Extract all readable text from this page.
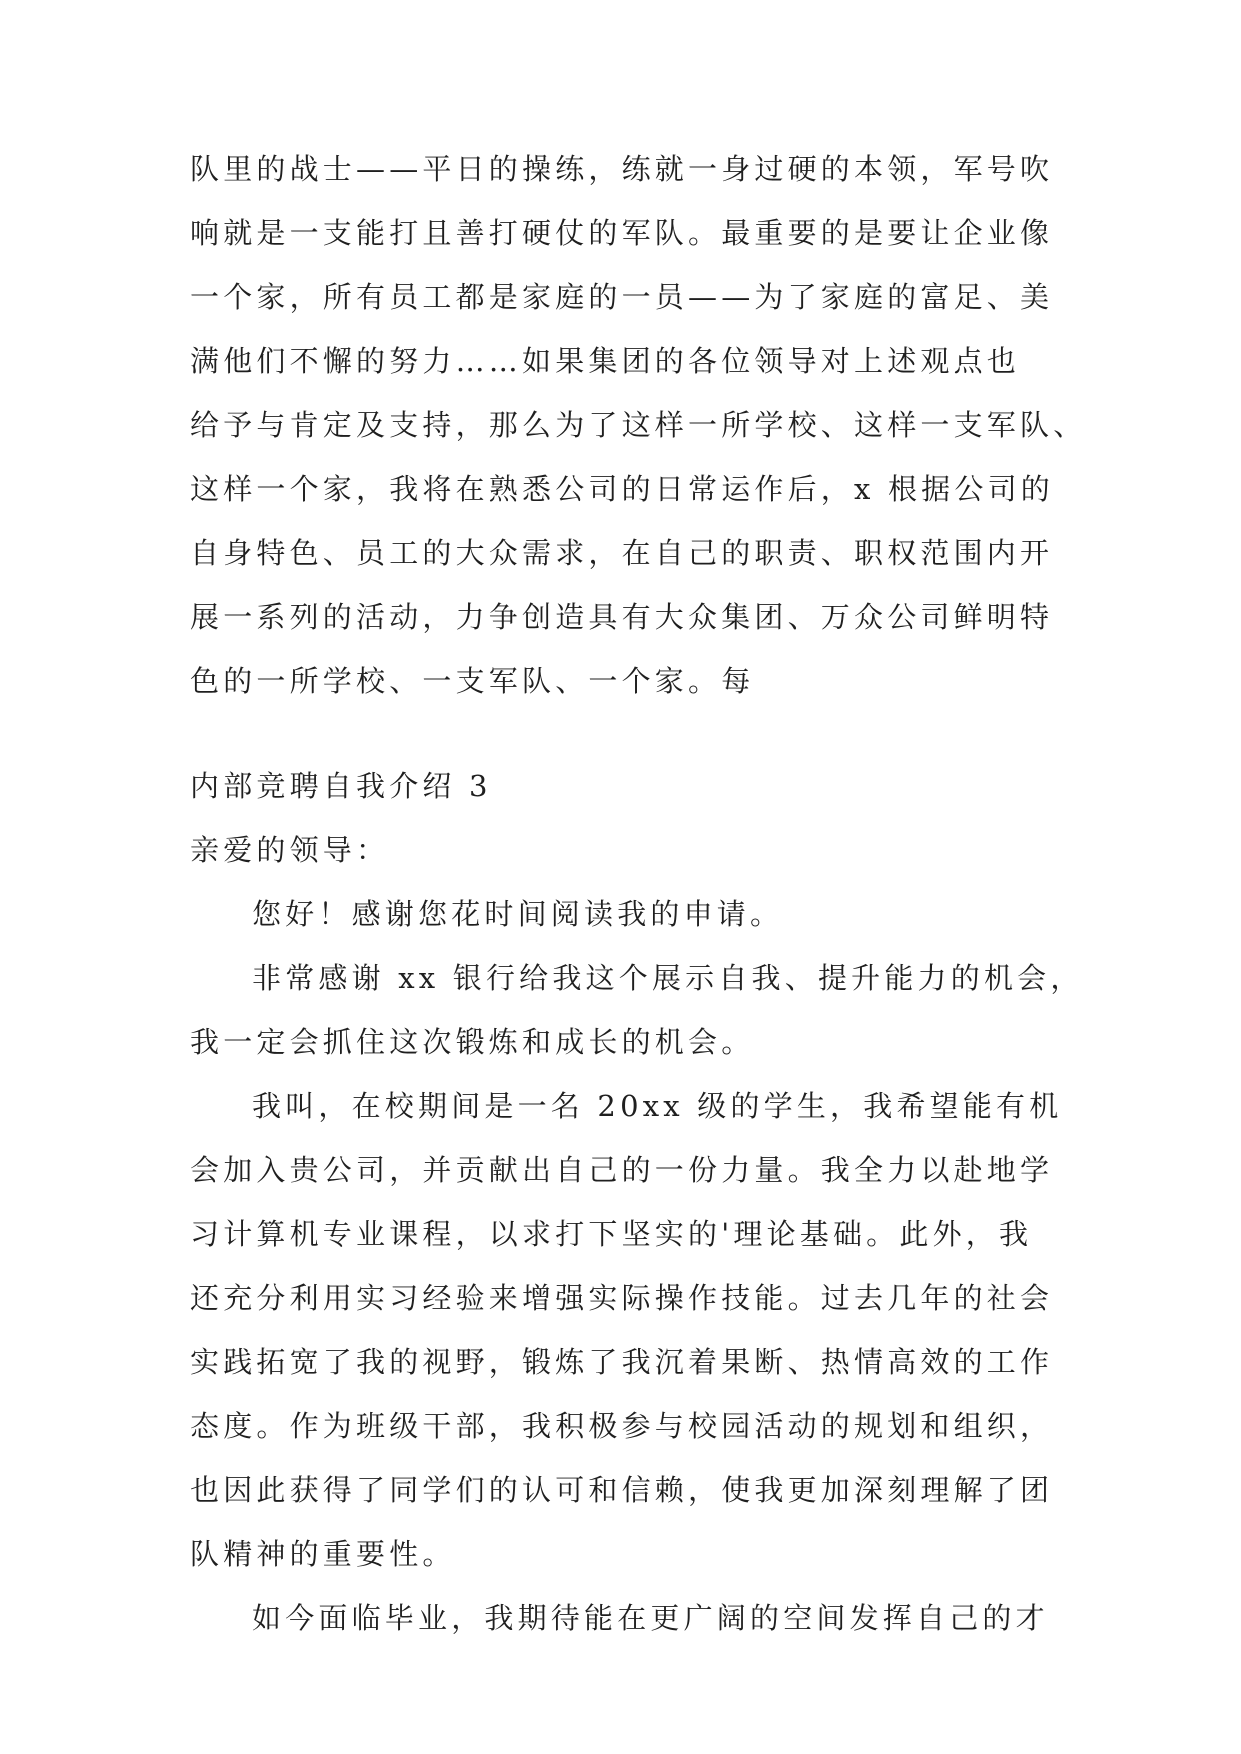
队里的战士——平日的操练，练就一身过硬的本领，军号吹
响就是一支能打且善打硬仗的军队。最重要的是要让企业像
一个家，所有员工都是家庭的一员——为了家庭的富足、美
满他们不懈的努力……如果集团的各位领导对上述观点也
给予与肯定及支持，那么为了这样一所学校、这样一支军队、
这样一个家，我将在熟悉公司的日常运作后，x 根据公司的
自身特色、员工的大众需求，在自己的职责、职权范围内开
展一系列的活动，力争创造具有大众集团、万众公司鲜明特
色的一所学校、一支军队、一个家。每
内部竞聘自我介绍 3
亲爱的领导：
您好！感谢您花时间阅读我的申请。
非常感谢 xx 银行给我这个展示自我、提升能力的机会，
我一定会抓住这次锻炼和成长的机会。
我叫，在校期间是一名 20xx 级的学生，我希望能有机
会加入贵公司，并贡献出自己的一份力量。我全力以赴地学
习计算机专业课程，以求打下坚实的'理论基础。此外，我
还充分利用实习经验来增强实际操作技能。过去几年的社会
实践拓宽了我的视野，锻炼了我沉着果断、热情高效的工作
态度。作为班级干部，我积极参与校园活动的规划和组织，
也因此获得了同学们的认可和信赖，使我更加深刻理解了团
队精神的重要性。
如今面临毕业，我期待能在更广阔的空间发挥自己的才
